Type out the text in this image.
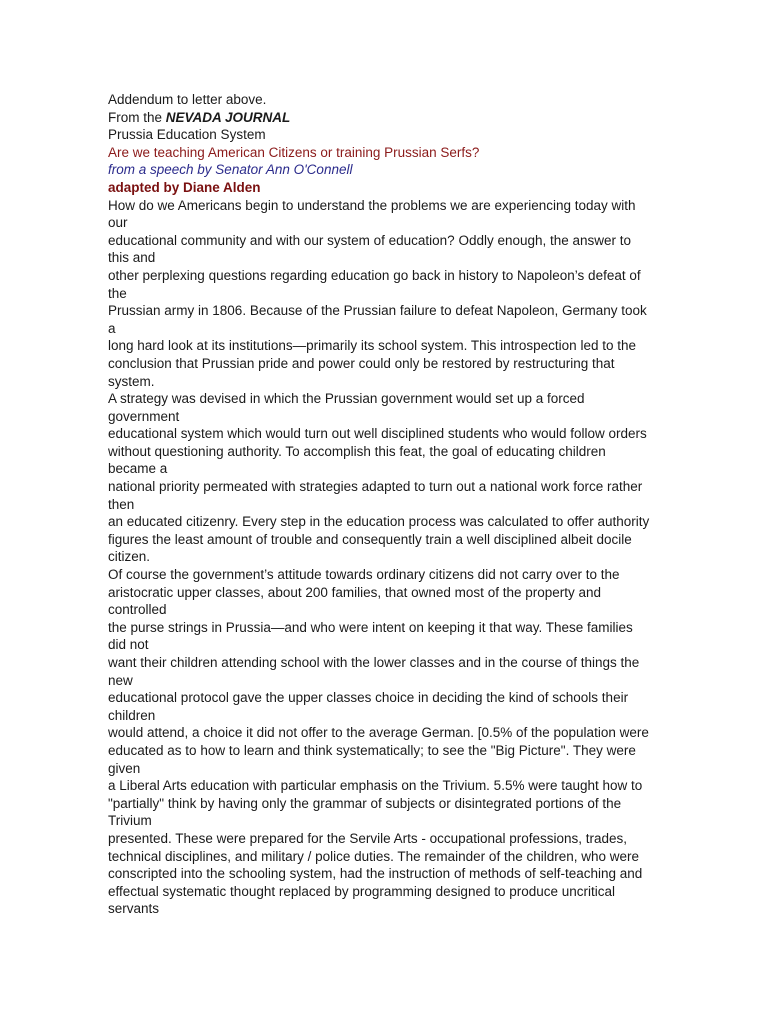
Addendum to letter above.
From the NEVADA JOURNAL
Prussia Education System
Are we teaching American Citizens or training Prussian Serfs?
from a speech by Senator Ann O'Connell
adapted by Diane Alden
How do we Americans begin to understand the problems we are experiencing today with
our
educational community and with our system of education? Oddly enough, the answer to
this and
other perplexing questions regarding education go back in history to Napoleon’s defeat of
the
Prussian army in 1806. Because of the Prussian failure to defeat Napoleon, Germany took
a
long hard look at its institutions—primarily its school system. This introspection led to the
conclusion that Prussian pride and power could only be restored by restructuring that
system.
A strategy was devised in which the Prussian government would set up a forced
government
educational system which would turn out well disciplined students who would follow orders
without questioning authority. To accomplish this feat, the goal of educating children
became a
national priority permeated with strategies adapted to turn out a national work force rather
then
an educated citizenry. Every step in the education process was calculated to offer authority
figures the least amount of trouble and consequently train a well disciplined albeit docile
citizen.
Of course the government’s attitude towards ordinary citizens did not carry over to the
aristocratic upper classes, about 200 families, that owned most of the property and
controlled
the purse strings in Prussia—and who were intent on keeping it that way. These families
did not
want their children attending school with the lower classes and in the course of things the
new
educational protocol gave the upper classes choice in deciding the kind of schools their
children
would attend, a choice it did not offer to the average German. [0.5% of the population were
educated as to how to learn and think systematically; to see the "Big Picture". They were
given
a Liberal Arts education with particular emphasis on the Trivium. 5.5% were taught how to
"partially" think by having only the grammar of subjects or disintegrated portions of the
Trivium
presented. These were prepared for the Servile Arts - occupational professions, trades,
technical disciplines, and military / police duties. The remainder of the children, who were
conscripted into the schooling system, had the instruction of methods of self-teaching and
effectual systematic thought replaced by programming designed to produce uncritical
servants
